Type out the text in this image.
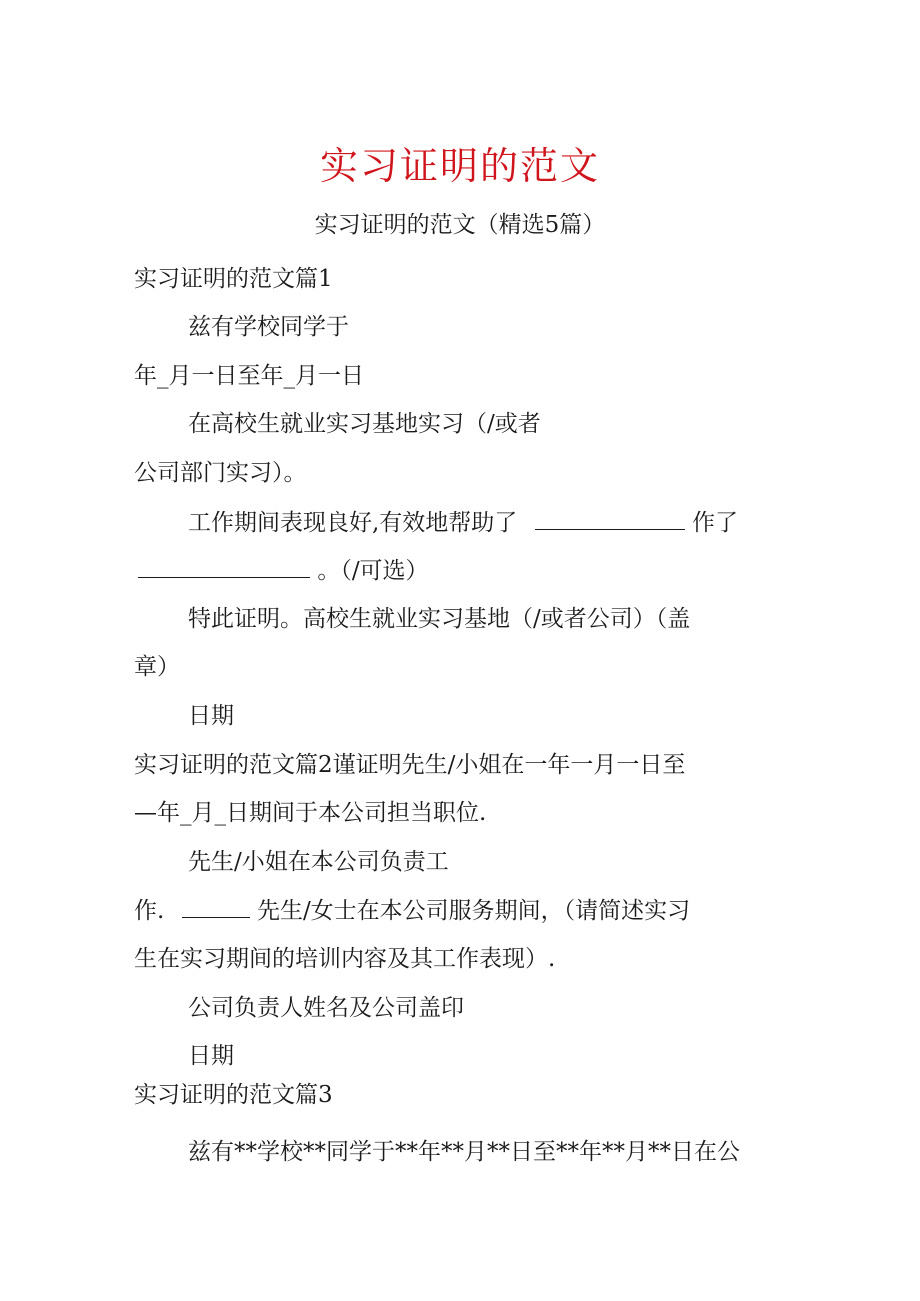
实习证明的范文
实习证明的范文（精选5篇）
实习证明的范文篇1
兹有学校同学于
年_月一日至年_月一日
在高校生就业实习基地实习（/或者
公司部门实习）。
工作期间表现良好,有效地帮助了	作了
。（/可选）
特此证明。高校生就业实习基地（/或者公司）（盖
章）
日期
实习证明的范文篇2谨证明先生/小姐在一年一月一日至
—年_月_日期间于本公司担当职位.
先生/小姐在本公司负责工
作.	先生/女士在本公司服务期间，（请简述实习
生在实习期间的培训内容及其工作表现）.
公司负责人姓名及公司盖印
日期
实习证明的范文篇3
兹有**学校**同学于**年**月**日至**年**月**日在公
